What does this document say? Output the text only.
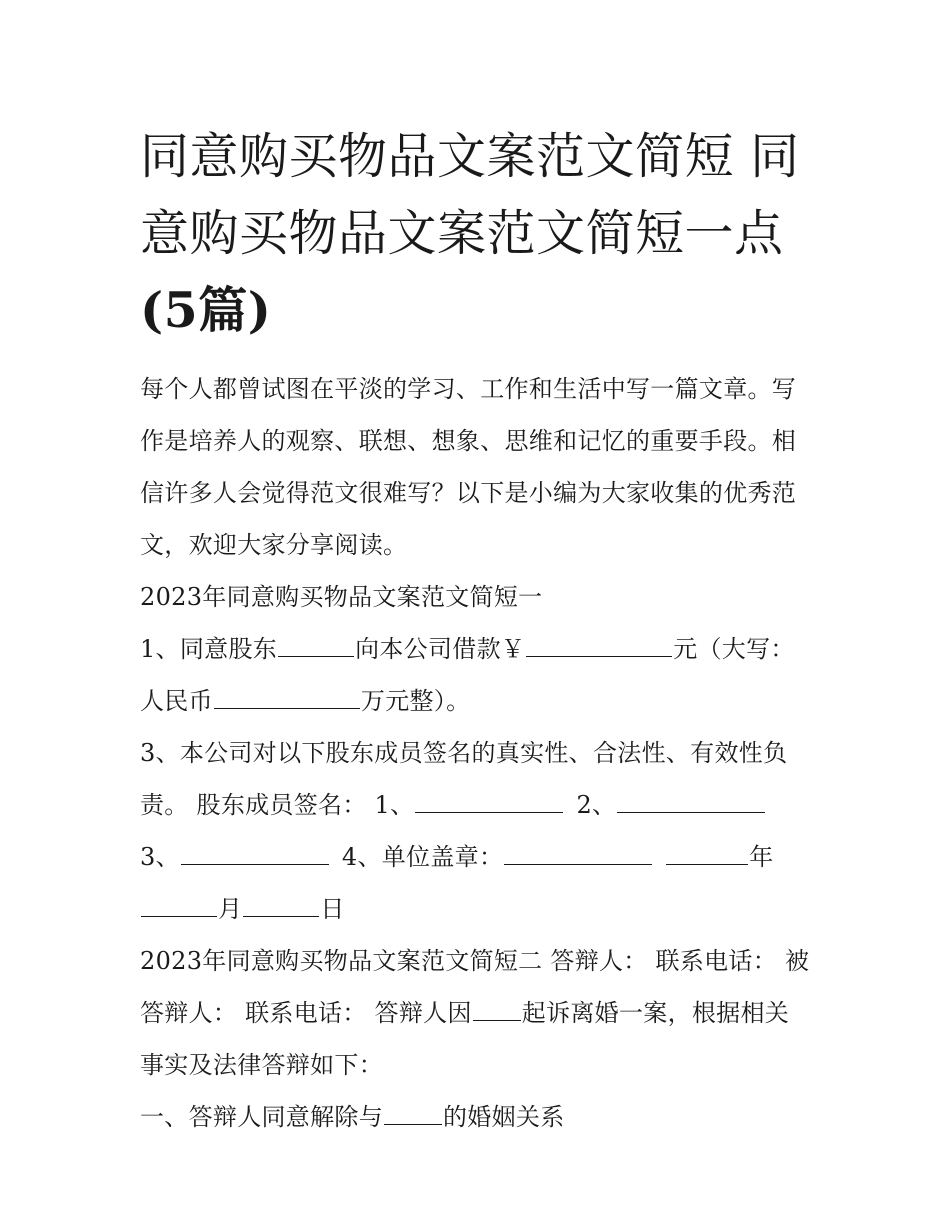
同意购买物品文案范文简短 同意购买物品文案范文简短一点(5篇)

每个人都曾试图在平淡的学习、工作和生活中写一篇文章。写作是培养人的观察、联想、想象、思维和记忆的重要手段。相信许多人会觉得范文很难写？以下是小编为大家收集的优秀范文，欢迎大家分享阅读。

2023年同意购买物品文案范文简短一

1、同意股东	向本公司借款￥	元（大写：人民币	万元整）。

3、本公司对以下股东成员签名的真实性、合法性、有效性负责。 股东成员签名： 1、	2、3、	4、单位盖章：	年月	日

2023年同意购买物品文案范文简短二 答辩人： 联系电话： 被答辩人： 联系电话： 答辩人因 起诉离婚一案，根据相关事实及法律答辩如下：

一、答辩人同意解除与	的婚姻关系
